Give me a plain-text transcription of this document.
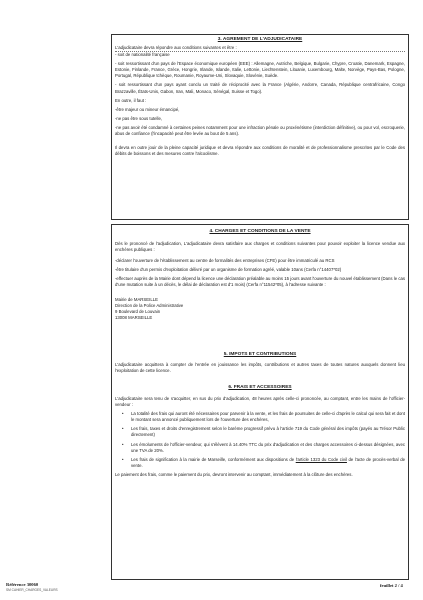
3. AGREMENT DE L'ADJUDICATAIRE

L'adjudicataire devra répondre aux conditions suivantes et être :

- soit de nationalité française

- soit ressortissant d'un pays de l'Espace économique européen (EEE) : Allemagne, Autriche, Belgique, Bulgarie, Chypre, Croatie, Danemark, Espagne, Estonie, Finlande, France, Grèce, Hongrie, Irlande, Islande, Italie, Lettonie, Liechtenstein, Lituanie, Luxembourg, Malte, Norvège, Pays-Bas, Pologne, Portugal, République tchèque, Roumanie, Royaume-Uni, Slovaquie, Slovénie, Suède.

- soit ressortissant d'un pays ayant conclu un traité de réciprocité avec la France (Algérie, Andorre, Canada, République centrafricaine, Congo Brazzaville, États-Unis, Gabon, Iran, Mali, Monaco, Sénégal, Suisse et Togo).

En outre, il faut :

-être majeur ou mineur émancipé,

-ne pas être sous tutelle,

-ne pas avoir été condamné à certaines peines notamment pour une infraction pénale ou proxénétisme (interdiction définitive), ou pour vol, escroquerie, abus de confiance (l'incapacité peut être levée au bout de 5 ans).

Il devra en outre jouir de la pleine capacité juridique et devra répondre aux conditions de moralité et de professionnalisme prescrites par le Code des débits de boissons et des mesures contre l'alcoolisme.

4. CHARGES ET CONDITIONS DE LA VENTE

Dès le prononcé de l'adjudication, L'adjudicataire devra satisfaire aux charges et conditions suivantes pour pouvoir exploiter la licence vendue aux enchères publiques :

-déclarer l'ouverture de l'établissement au centre de formalités des entreprises (CFE) pour être immatriculé au RCS

-être titulaire d'un permis d'exploitation délivré par un organisme de formation agréé, valable 10ans (Cerfa n°14407*02)

-effectuer auprès de la Mairie dont dépend la licence une déclaration préalable au moins 15 jours avant l'ouverture du nouvel établissement (Dans le cas d'une mutation suite à un décès, le délai de déclaration est d'1 mois) (Cerfa n°11542*05), à l'adresse suivante :

Mairie de MARSEILLE

Direction de la Police Administrative

9 Boulevard de Louvain

13008 MARSEILLE

5. IMPOTS ET CONTRIBUTIONS
L'adjudicataire acquittera à compter de l'entrée en jouissance les impôts, contributions et autres taxes de toutes natures auxquels donnent lieu l'exploitation de cette licence.
6. FRAIS ET ACCESSOIRES

L'adjudicataire sera tenu de s'acquitter, en sus du prix d'adjudication, 48 heures après celle-ci prononcée, au comptant, entre les mains de l'officier-vendeur :

• La totalité des frais qui auront été nécessaires pour parvenir à la vente, et les frais de poursuites de celle-ci d'après le calcul qui sera fait et dont le montant sera annoncé publiquement lors de l'ouverture des enchères,

• Les frais, taxes et droits d'enregistrement selon le barème progressif prévu à l'article 719 du Code général des impôts (payés au Trésor Public directement)

• Les émoluments de l'officier-vendeur, qui s'élèvent à 14.40% TTC du prix d'adjudication et des charges accessoires ci-dessus désignées, avec une TVA de 20%.

• Les frais de signification à la mairie de Marseille, conformément aux dispositions de l'article 1323 du Code civil de l'acte de procès-verbal de vente.

Le paiement des frais, comme le paiement du prix, devront intervenir au comptant, immédiatement à la clôture des enchères.

Référence 30060
SM CAHIER_CHARGES_VALEURS
feuillet 2 / 4
